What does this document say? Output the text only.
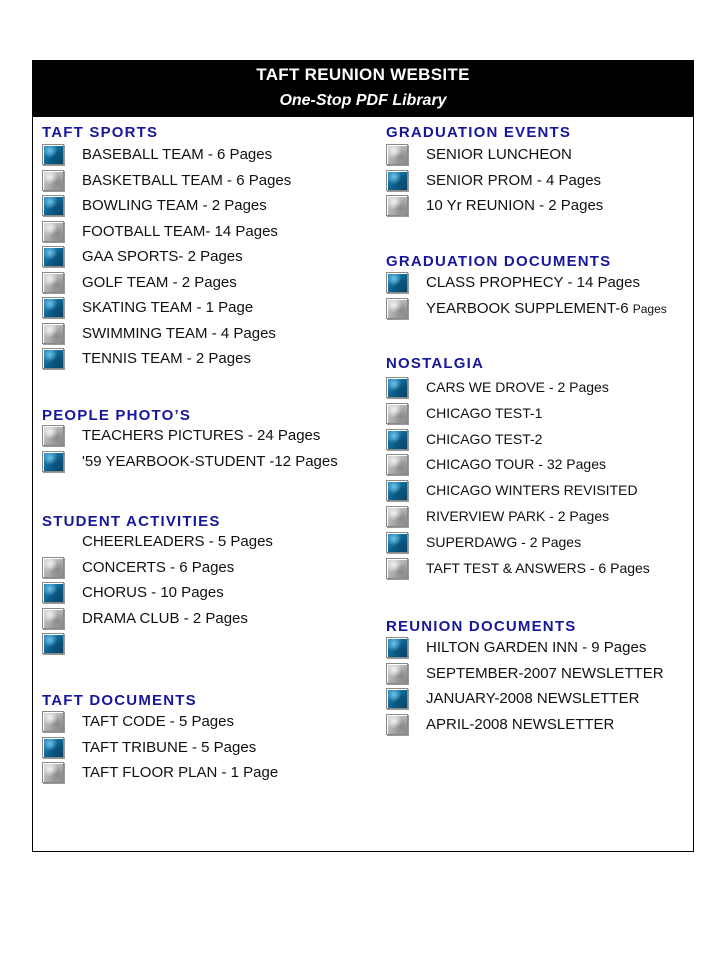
TAFT REUNION WEBSITE
One-Stop PDF Library
TAFT SPORTS
BASEBALL TEAM - 6 Pages
BASKETBALL TEAM - 6 Pages
BOWLING TEAM - 2 Pages
FOOTBALL TEAM- 14 Pages
GAA SPORTS- 2 Pages
GOLF TEAM - 2 Pages
SKATING TEAM - 1 Page
SWIMMING TEAM - 4 Pages
TENNIS TEAM - 2 Pages
PEOPLE PHOTO’S
TEACHERS PICTURES - 24 Pages
'59 YEARBOOK-STUDENT -12 Pages
STUDENT ACTIVITIES
CHEERLEADERS - 5 Pages
CONCERTS - 6 Pages
CHORUS - 10 Pages
DRAMA CLUB - 2 Pages
TAFT DOCUMENTS
TAFT CODE - 5 Pages
TAFT TRIBUNE - 5 Pages
TAFT FLOOR PLAN - 1 Page
GRADUATION EVENTS
SENIOR LUNCHEON
SENIOR PROM - 4 Pages
10 Yr REUNION - 2 Pages
GRADUATION DOCUMENTS
CLASS PROPHECY - 14 Pages
YEARBOOK SUPPLEMENT-6 Pages
NOSTALGIA
CARS WE DROVE - 2 Pages
CHICAGO TEST-1
CHICAGO TEST-2
CHICAGO TOUR - 32 Pages
CHICAGO WINTERS REVISITED
RIVERVIEW PARK - 2 Pages
SUPERDAWG - 2 Pages
TAFT TEST & ANSWERS - 6 Pages
REUNION DOCUMENTS
HILTON GARDEN INN - 9 Pages
SEPTEMBER-2007 NEWSLETTER
JANUARY-2008 NEWSLETTER
APRIL-2008 NEWSLETTER
